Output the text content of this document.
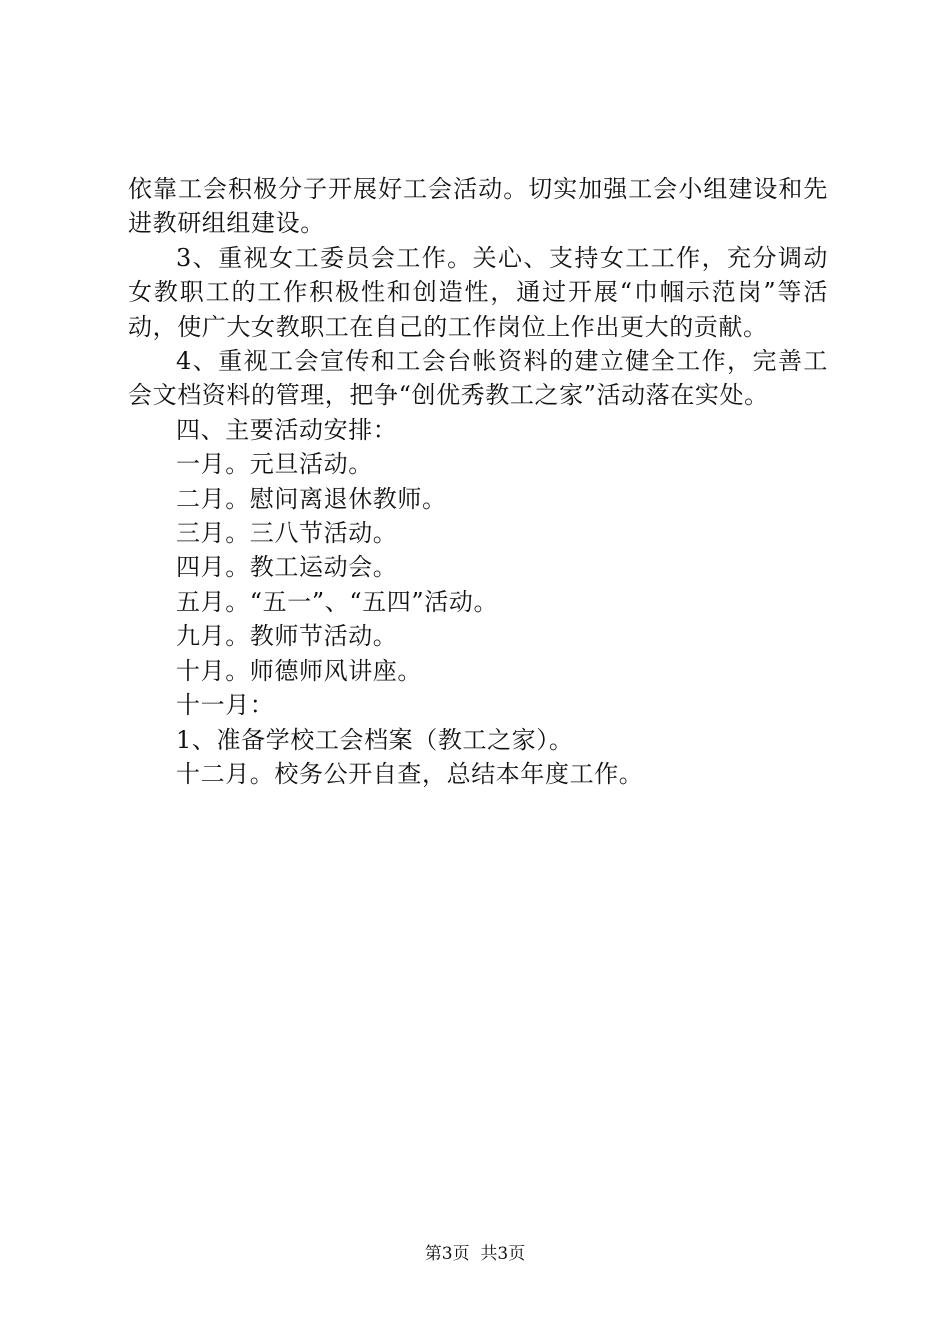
依靠工会积极分子开展好工会活动。切实加强工会小组建设和先进教研组组建设。

3、重视女工委员会工作。关心、支持女工工作，充分调动女教职工的工作积极性和创造性，通过开展“巾帼示范岗”等活动，使广大女教职工在自己的工作岗位上作出更大的贡献。

4、重视工会宣传和工会台帐资料的建立健全工作，完善工会文档资料的管理，把争“创优秀教工之家”活动落在实处。

四、主要活动安排：

一月。元旦活动。

二月。慰问离退休教师。

三月。三八节活动。

四月。教工运动会。

五月。“五一”、“五四”活动。

九月。教师节活动。

十月。师德师风讲座。

十一月：

1、准备学校工会档案（教工之家）。

十二月。校务公开自查，总结本年度工作。

第3页  共3页
